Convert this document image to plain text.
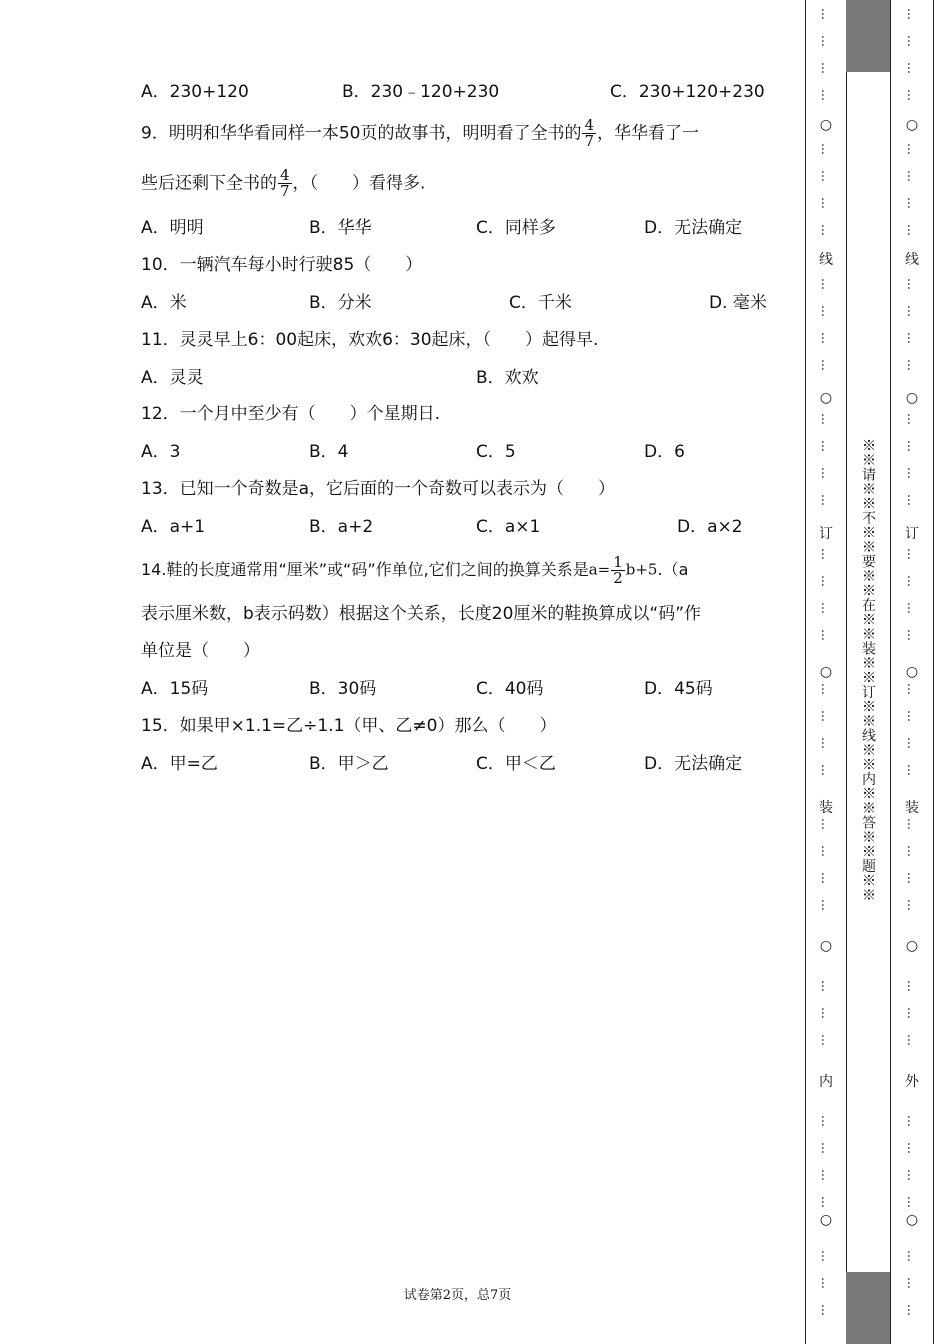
A．230+120	B．230﹣120+230	C．230+120+230
9．明明和华华看同样一本50页的故事书，明明看了全书的 $\frac{4}{7}$ ，华华看了一
些后还剩下全书的 $\frac{4}{7}$ ，（　　）看得多.
A．明明	B．华华	C．同样多	D．无法确定
10．一辆汽车每小时行驶85（　　）
A．米	B．分米	C．千米	D. 毫米
11．灵灵早上6：00起床，欢欢6：30起床，（　　）起得早.
A．灵灵	B．欢欢
12．一个月中至少有（　　）个星期日.
A．3	B．4	C．5	D．6
13．已知一个奇数是a，它后面的一个奇数可以表示为（　　）
A．a+1	B．a+2	C．a×1	D．a×2
14.鞋的长度通常用“厘米”或“码”作单位,它们之间的换算关系是$a= \frac{1}{2} b+5.(a$
表示厘米数，b表示码数）根据这个关系，长度20厘米的鞋换算成以“码”作
单位是（　　）
A．15码	B．30码	C．40码	D．45码
15．如果甲×1.1=乙÷1.1（甲、乙≠0）那么（　　）
A．甲=乙	B．甲＞乙	C．甲＜乙	D．无法确定
试卷第2页，总7页
※※请※※不※※要※※在※※装※※订※※线※※内※※答※※题※※
○
○
○
○
○
线
订
装
内
…
…
…
…
…
…
…
…
…
…
…
…
…
…
…
…
…
…
…
…
…
…
…
…
…
…
…
…
…
…
…
…
…
…
…
…
…
…
○
○
○
○
○
线
订
装
外
…
…
…
…
…
…
…
…
…
…
…
…
…
…
…
…
…
…
…
…
…
…
…
…
…
…
…
…
…
…
…
…
…
…
…
…
…
…
